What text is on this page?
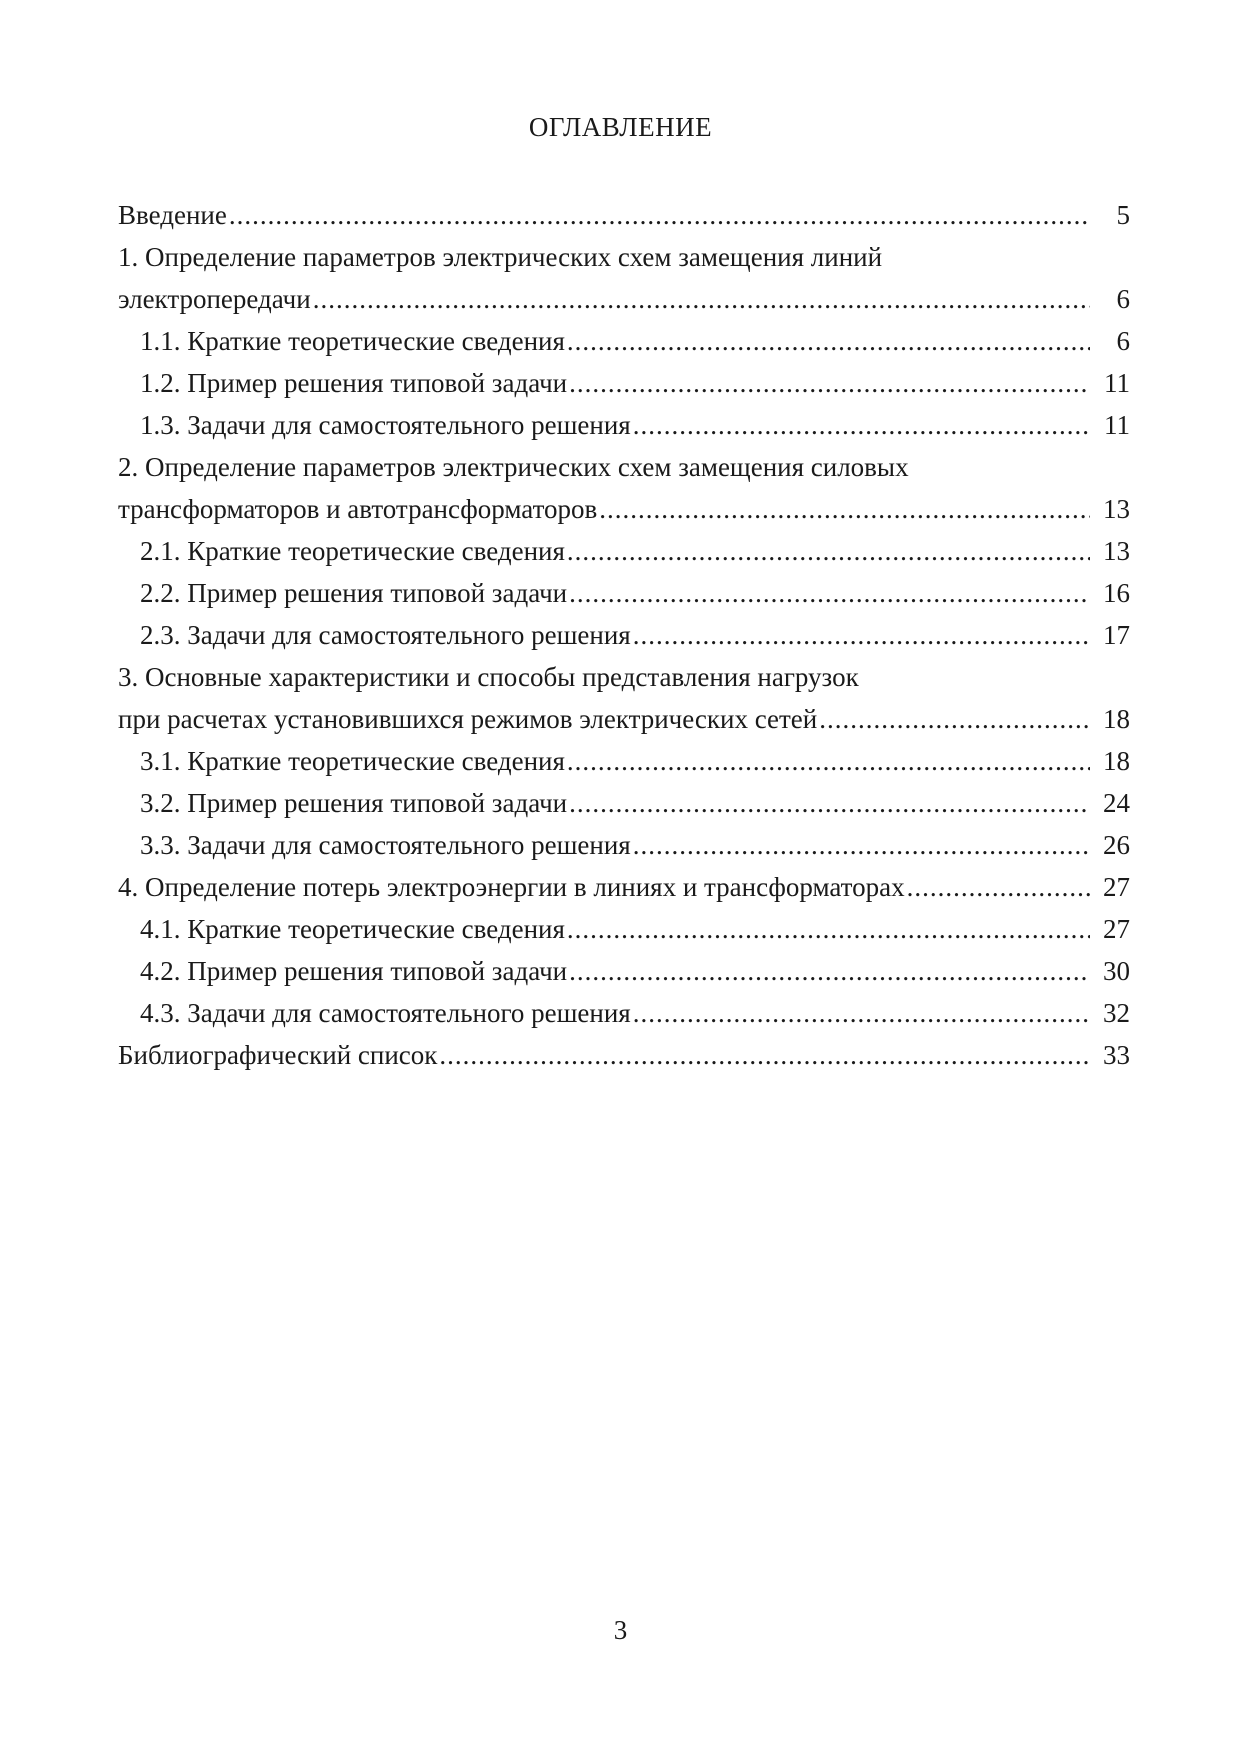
ОГЛАВЛЕНИЕ
Введение .....	5
1. Определение параметров электрических схем замещения линий
электропередачи .....	6
1.1. Краткие теоретические сведения .....	6
1.2. Пример решения типовой задачи .....	11
1.3. Задачи для самостоятельного решения .....	11
2. Определение параметров электрических схем замещения силовых
трансформаторов и автотрансформаторов .....	13
2.1. Краткие теоретические сведения .....	13
2.2. Пример решения типовой задачи .....	16
2.3. Задачи для самостоятельного решения .....	17
3. Основные характеристики и способы представления нагрузок
при расчетах установившихся режимов электрических сетей .....	18
3.1. Краткие теоретические сведения .....	18
3.2. Пример решения типовой задачи .....	24
3.3. Задачи для самостоятельного решения .....	26
4. Определение потерь электроэнергии в линиях и трансформаторах .....	27
4.1. Краткие теоретические сведения .....	27
4.2. Пример решения типовой задачи .....	30
4.3. Задачи для самостоятельного решения .....	32
Библиографический список .....	33
3
